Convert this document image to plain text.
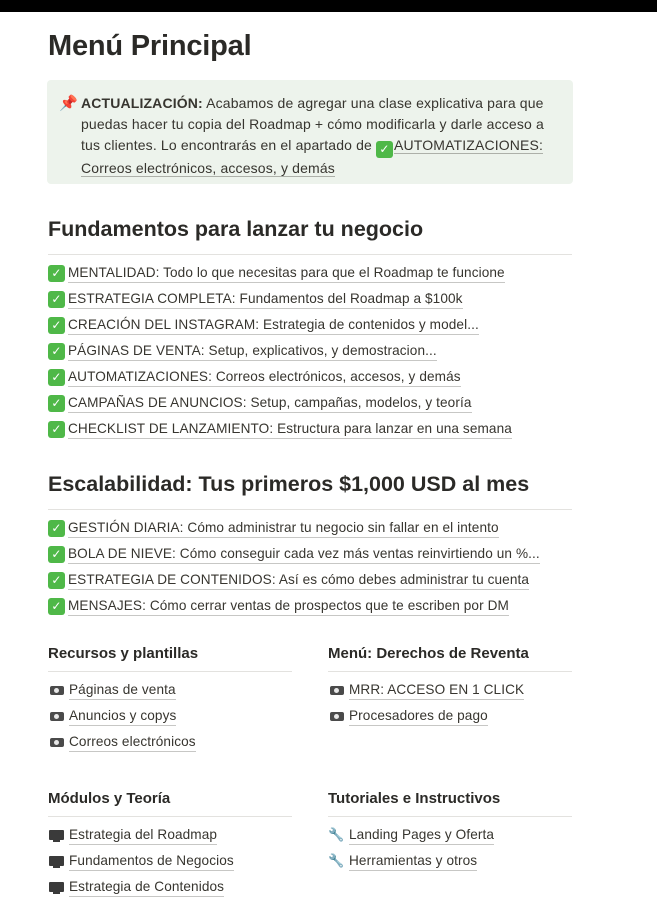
Menú Principal
📌 ACTUALIZACIÓN: Acabamos de agregar una clase explicativa para que
puedas hacer tu copia del Roadmap + cómo modificarla y darle acceso a
tus clientes. Lo encontrarás en el apartado de ✓ AUTOMATIZACIONES:
Correos electrónicos, accesos, y demás
Fundamentos para lanzar tu negocio
✓ MENTALIDAD: Todo lo que necesitas para que el Roadmap te funcione
✓ ESTRATEGIA COMPLETA: Fundamentos del Roadmap a $100k
✓ CREACIÓN DEL INSTAGRAM: Estrategia de contenidos y model...
✓ PÁGINAS DE VENTA: Setup, explicativos, y demostracion...
✓ AUTOMATIZACIONES: Correos electrónicos, accesos, y demás
✓ CAMPAÑAS DE ANUNCIOS: Setup, campañas, modelos, y teoría
✓ CHECKLIST DE LANZAMIENTO: Estructura para lanzar en una semana
Escalabilidad: Tus primeros $1,000 USD al mes
✓ GESTIÓN DIARIA: Cómo administrar tu negocio sin fallar en el intento
✓ BOLA DE NIEVE: Cómo conseguir cada vez más ventas reinvirtiendo un %...
✓ ESTRATEGIA DE CONTENIDOS: Así es cómo debes administrar tu cuenta
✓ MENSAJES: Cómo cerrar ventas de prospectos que te escriben por DM
Recursos y plantillas
Páginas de venta
Anuncios y copys
Correos electrónicos
Menú: Derechos de Reventa
MRR: ACCESO EN 1 CLICK
Procesadores de pago
Módulos y Teoría
Estrategia del Roadmap
Fundamentos de Negocios
Estrategia de Contenidos
Tutoriales e Instructivos
🔧 Landing Pages y Oferta
🔧 Herramientas y otros
